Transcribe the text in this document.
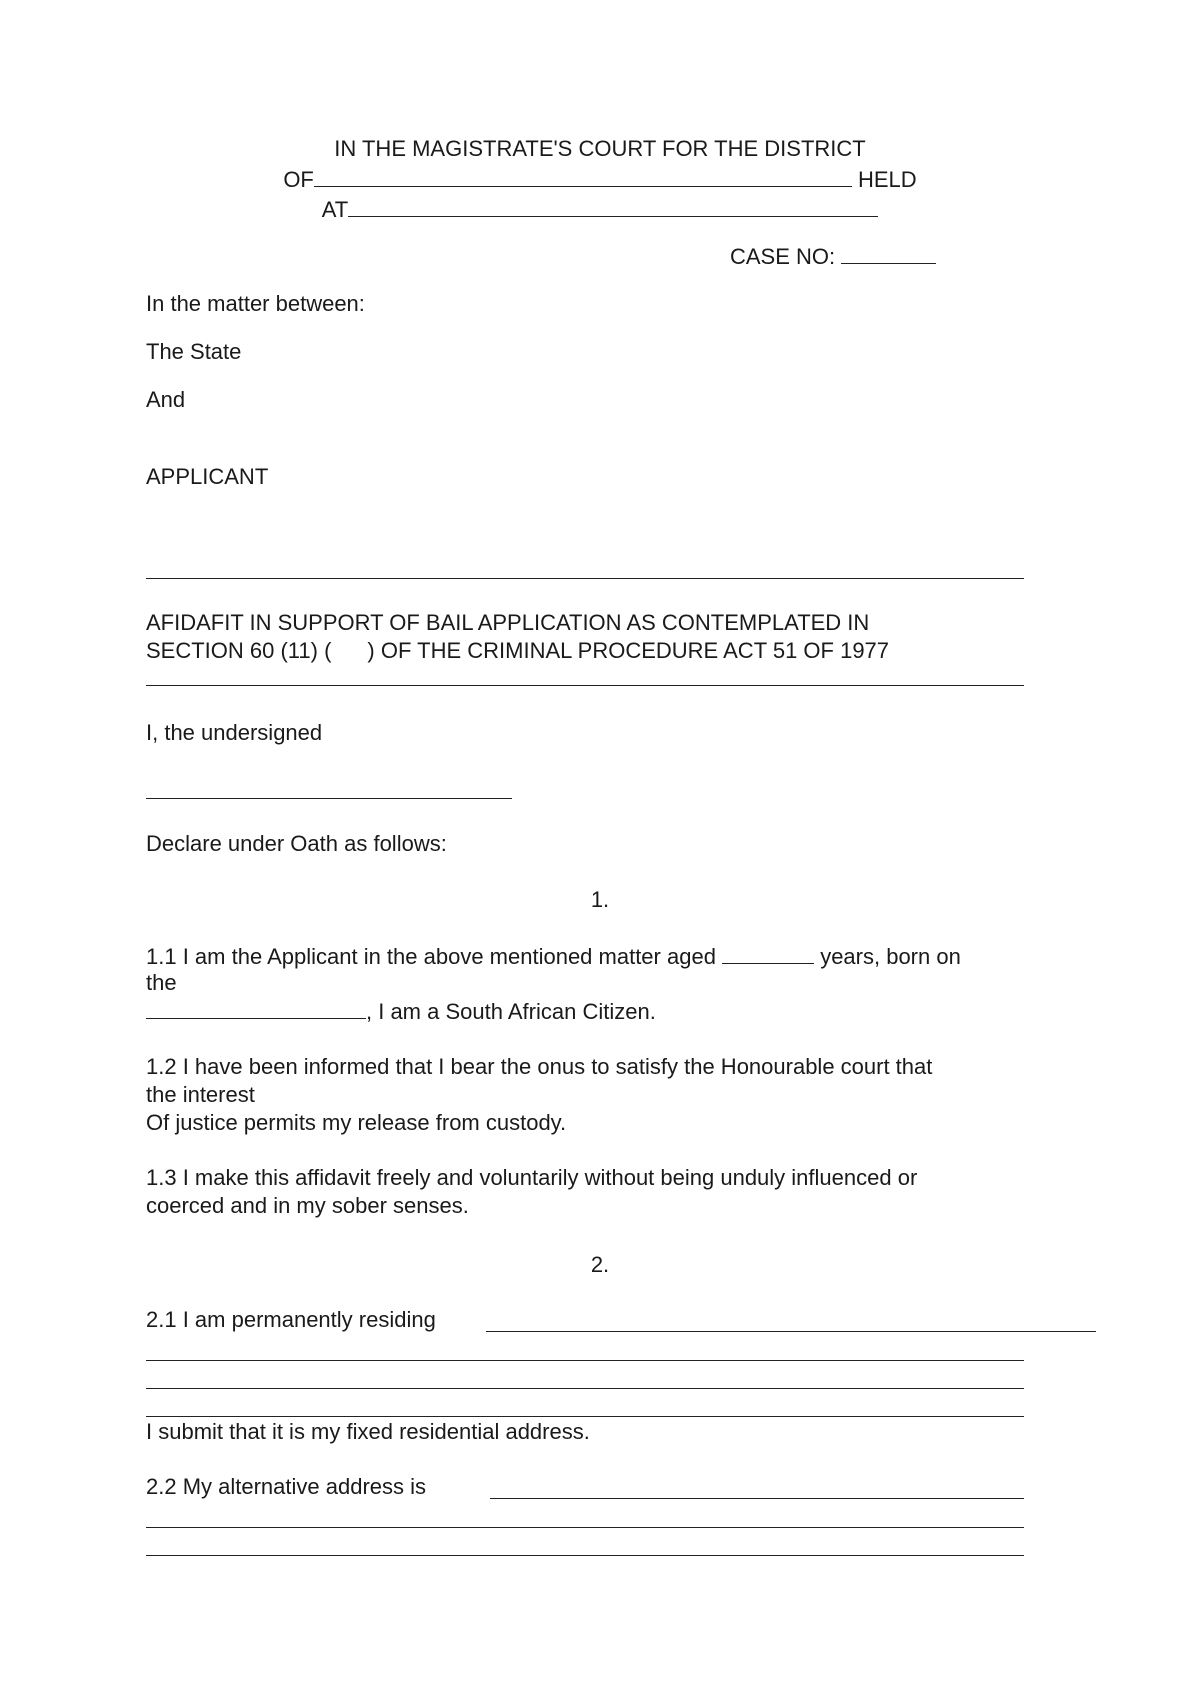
IN THE MAGISTRATE'S COURT FOR THE DISTRICT
OF	HELD
AT
CASE NO:
In the matter between:
The State
And
APPLICANT
AFIDAFIT IN SUPPORT OF BAIL APPLICATION AS CONTEMPLATED IN
SECTION 60 (11) ( ) OF THE CRIMINAL PROCEDURE ACT 51 OF 1977
I, the undersigned
Declare under Oath as follows:
1.
1.1 I am the Applicant in the above mentioned matter aged	years, born on
the
, I am a South African Citizen.
1.2 I have been informed that I bear the onus to satisfy the Honourable court that
the interest
Of justice permits my release from custody.
1.3 I make this affidavit freely and voluntarily without being unduly influenced or
coerced and in my sober senses.
2.
2.1 I am permanently residing
I submit that it is my fixed residential address.
2.2 My alternative address is
